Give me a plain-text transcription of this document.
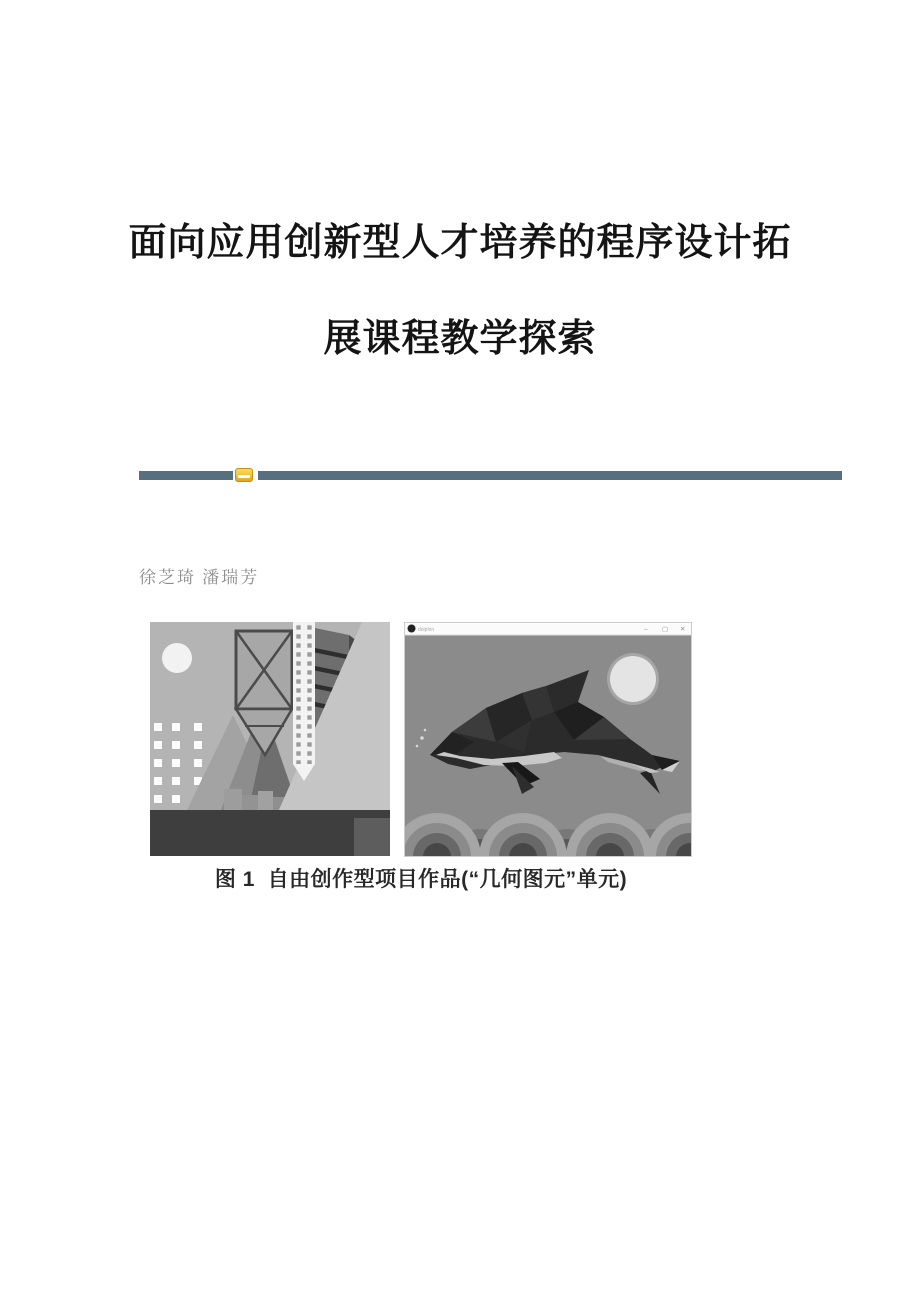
面向应用创新型人才培养的程序设计拓
展课程教学探索
徐芝琦 潘瑞芳
dolphin	– ▢ ✕
图 1  自由创作型项目作品(“几何图元”单元)
